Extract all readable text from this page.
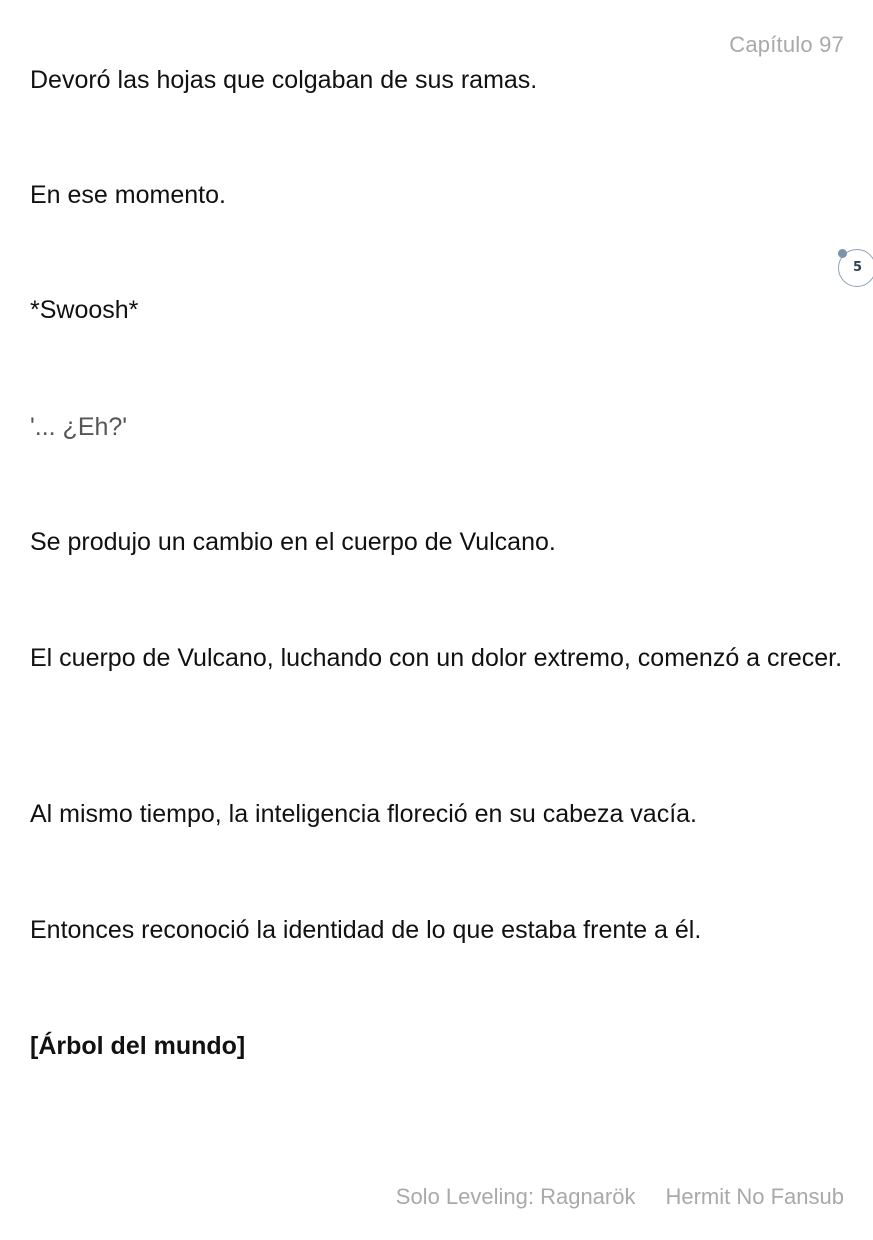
Capítulo 97

Devoró las hojas que colgaban de sus ramas.

En ese momento.

*Swoosh*

'... ¿Eh?'

Se produjo un cambio en el cuerpo de Vulcano.

El cuerpo de Vulcano, luchando con un dolor extremo, comenzó a crecer.

Al mismo tiempo, la inteligencia floreció en su cabeza vacía.

Entonces reconoció la identidad de lo que estaba frente a él.

[Árbol del mundo]

5
Solo Leveling: Ragnarök Hermit No Fansub
